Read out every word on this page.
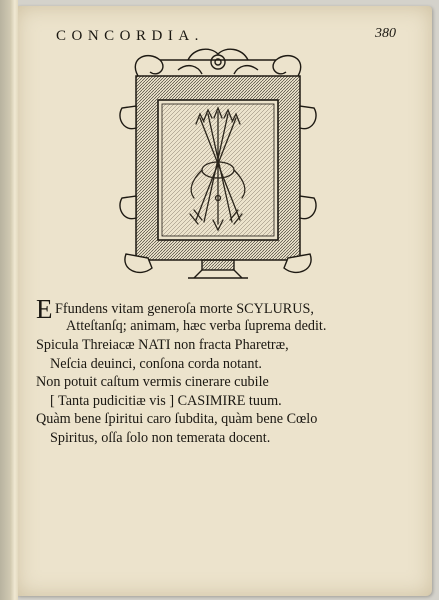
CONCORDIA.	380
E Ffundens vitam generoſa morte SCYLURUS,
Atteſtanſq; animam, hæc verba ſuprema dedit.
Spicula Threiacæ NATI non fracta Pharetræ,
Neſcia deuinci, conſona corda notant.
Non potuit caſtum vermis cinerare cubile
[ Tanta pudicitiæ vis ] CASIMIRE tuum.
Quàm bene ſpiritui caro ſubdita, quàm bene Cœlo
Spiritus, oſſa ſolo non temerata docent.
